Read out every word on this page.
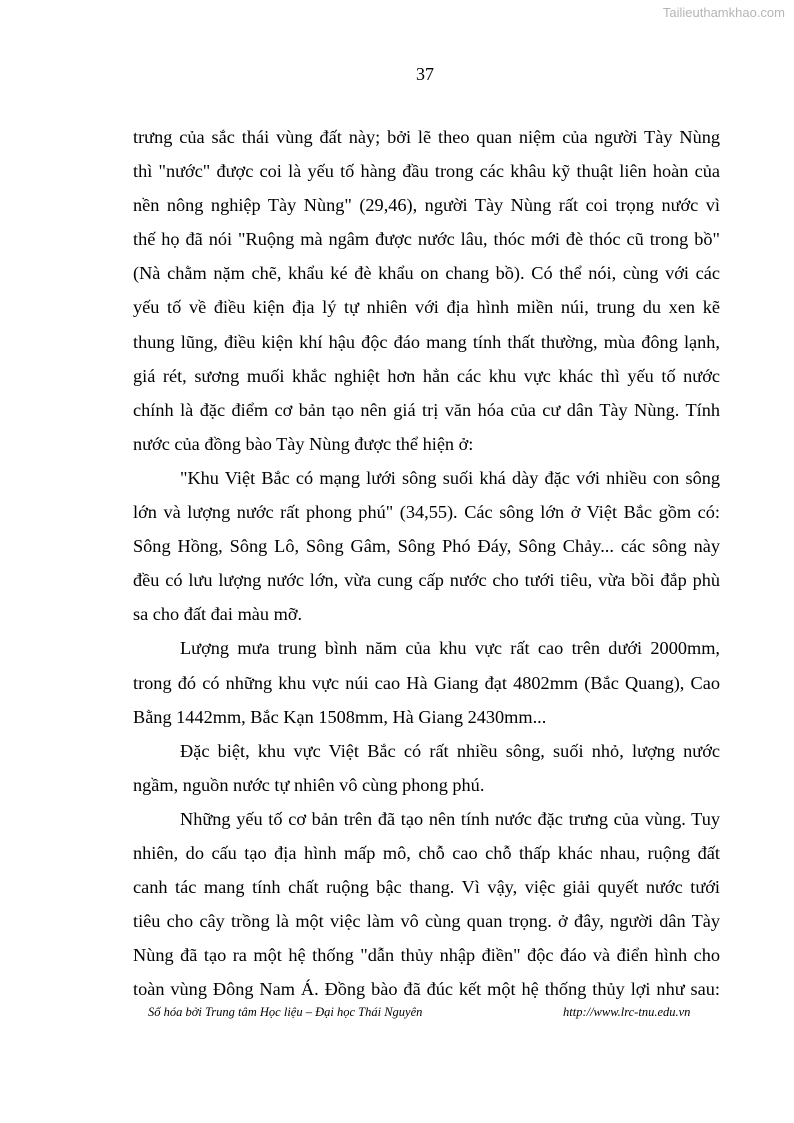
Tailieuthamkhao.com
37
trưng của sắc thái vùng đất này; bởi lẽ theo quan niệm của người Tày Nùng
thì "nước" được coi là yếu tố hàng đầu trong các khâu kỹ thuật liên hoàn của
nền nông nghiệp Tày Nùng" (29,46), người Tày Nùng rất coi trọng nước vì
thế họ đã nói "Ruộng mà ngâm được nước lâu, thóc mới đè thóc cũ trong bồ"
(Nà chằm nặm chẽ, khẩu ké đè khẩu on chang bồ). Có thể nói, cùng với các
yếu tố về điều kiện địa lý tự nhiên với địa hình miền núi, trung du xen kẽ
thung lũng, điều kiện khí hậu độc đáo mang tính thất thường, mùa đông lạnh,
giá rét, sương muối khắc nghiệt hơn hẳn các khu vực khác thì yếu tố nước
chính là đặc điểm cơ bản tạo nên giá trị văn hóa của cư dân Tày Nùng. Tính
nước của đồng bào Tày Nùng được thể hiện ở:
"Khu Việt Bắc có mạng lưới sông suối khá dày đặc với nhiều con sông
lớn và lượng nước rất phong phú" (34,55). Các sông lớn ở Việt Bắc gồm có:
Sông Hồng, Sông Lô, Sông Gâm, Sông Phó Đáy, Sông Chảy... các sông này
đều có lưu lượng nước lớn, vừa cung cấp nước cho tưới tiêu, vừa bồi đắp phù
sa cho đất đai màu mỡ.
Lượng mưa trung bình năm của khu vực rất cao trên dưới 2000mm,
trong đó có những khu vực núi cao Hà Giang đạt 4802mm (Bắc Quang), Cao
Bằng 1442mm, Bắc Kạn 1508mm, Hà Giang 2430mm...
Đặc biệt, khu vực Việt Bắc có rất nhiều sông, suối nhỏ, lượng nước
ngầm, nguồn nước tự nhiên vô cùng phong phú.
Những yếu tố cơ bản trên đã tạo nên tính nước đặc trưng của vùng. Tuy
nhiên, do cấu tạo địa hình mấp mô, chỗ cao chỗ thấp khác nhau, ruộng đất
canh tác mang tính chất ruộng bậc thang. Vì vậy, việc giải quyết nước tưới
tiêu cho cây trồng là một việc làm vô cùng quan trọng. ở đây, người dân Tày
Nùng đã tạo ra một hệ thống "dẫn thủy nhập điền" độc đáo và điển hình cho
toàn vùng Đông Nam Á. Đồng bào đã đúc kết một hệ thống thủy lợi như sau:
Số hóa bởi Trung tâm Học liệu – Đại học Thái Nguyên	http://www.lrc-tnu.edu.vn
